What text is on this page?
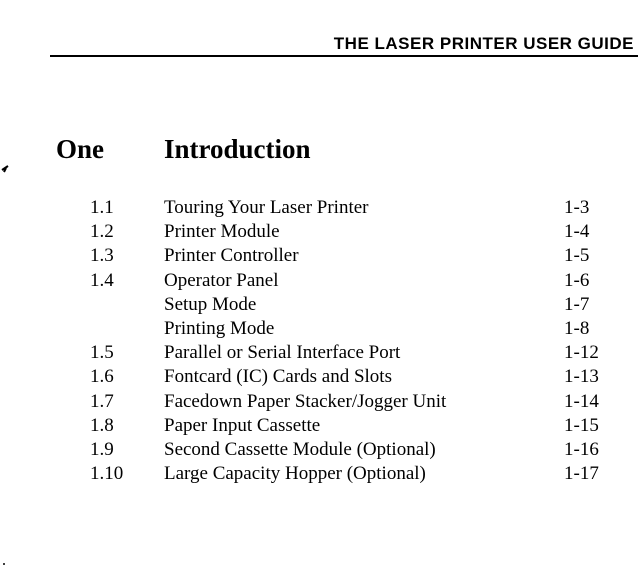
THE LASER PRINTER USER GUIDE
One Introduction
1.1	Touring Your Laser Printer	1-3
1.2	Printer Module	1-4
1.3	Printer Controller	1-5
1.4	Operator Panel	1-6
Setup Mode	1-7
Printing Mode	1-8
1.5	Parallel or Serial Interface Port	1-12
1.6	Fontcard (IC) Cards and Slots	1-13
1.7	Facedown Paper Stacker/Jogger Unit	1-14
1.8	Paper Input Cassette	1-15
1.9	Second Cassette Module (Optional)	1-16
1.10 Large Capacity Hopper (Optional)	1-17
